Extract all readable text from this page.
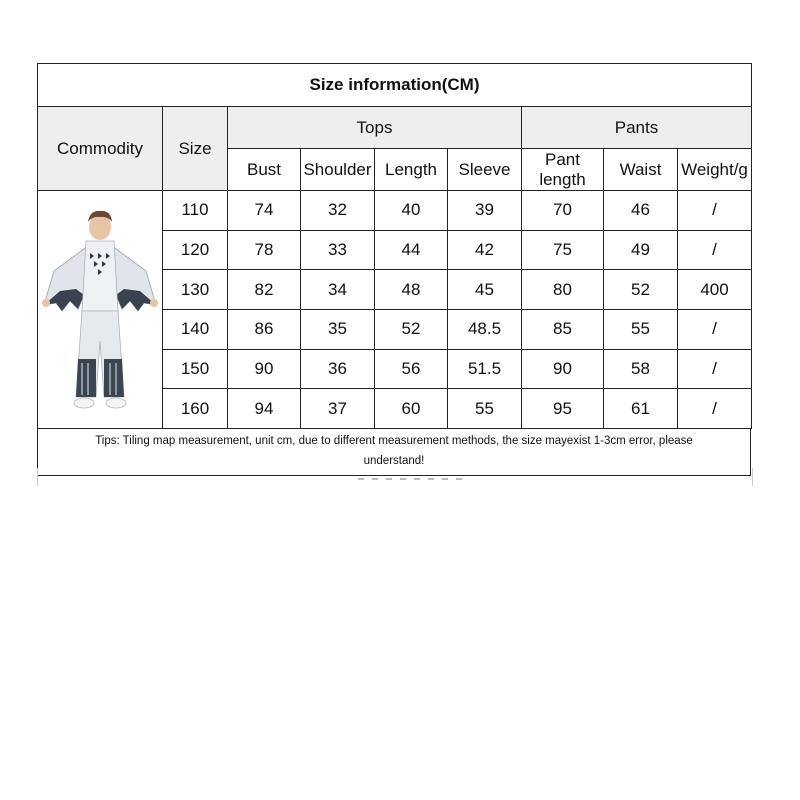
Size information(CM)								
Commodity	Size	Tops				Pants		
		Bust	Shoulder	Length	Sleeve	Pant length	Waist	Weight/g
	110	74	32	40	39	70	46	/
	120	78	33	44	42	75	49	/
	130	82	34	48	45	80	52	400
	140	86	35	52	48.5	85	55	/
	150	90	36	56	51.5	90	58	/
	160	94	37	60	55	95	61	/
Tips: Tiling map measurement, unit cm, due to different measurement methods, the size mayexist 1-3cm error, please
understand!
